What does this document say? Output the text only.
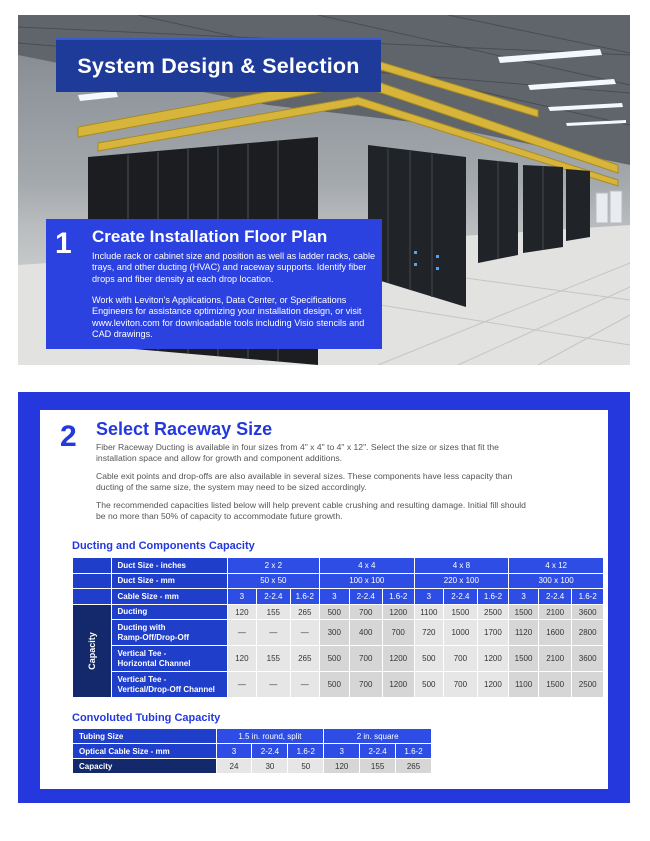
System Design & Selection
1 Create Installation Floor Plan

Include rack or cabinet size and position as well as ladder racks, cable trays, and other ducting (HVAC) and raceway supports. Identify fiber drops and fiber density at each drop location.

Work with Leviton's Applications, Data Center, or Specifications Engineers for assistance optimizing your installation design, or visit www.leviton.com for downloadable tools including Visio stencils and CAD drawings.

2 Select Raceway Size

Fiber Raceway Ducting is available in four sizes from 4" x 4" to 4" x 12". Select the size or sizes that fit the installation space and allow for growth and component additions.

Cable exit points and drop-offs are also available in several sizes. These components have less capacity than ducting of the same size, the system may need to be sized accordingly.

The recommended capacities listed below will help prevent cable crushing and resulting damage. Initial fill should be no more than 50% of capacity to accommodate future growth.

Ducting and Components Capacity
	Duct Size - inches	2 x 2			4 x 4			4 x 8			4 x 12		
	Duct Size - mm	50 x 50			100 x 100			220 x 100			300 x 100		
	Cable Size - mm	3	2-2.4	1.6-2	3	2-2.4	1.6-2	3	2-2.4	1.6-2	3	2-2.4	1.6-2
Capacity	Ducting	120	155	265	500	700	1200	1100	1500	2500	1500	2100	3600

	Ducting with
Ramp-Off/Drop-Off	—	—	—	300	400	700	720	1000	1700	1120	1600	2800

	Vertical Tee -
Horizontal Channel	120	155	265	500	700	1200	500	700	1200	1500	2100	3600

	Vertical Tee -
Vertical/Drop-Off Channel	—	—	—	500	700	1200	500	700	1200	1100	1500	2500
Convoluted Tubing Capacity
Tubing Size	1.5 in. round, split			2 in. square		
Optical Cable Size - mm	3	2-2.4	1.6-2	3	2-2.4	1.6-2
Capacity	24	30	50	120	155	265
